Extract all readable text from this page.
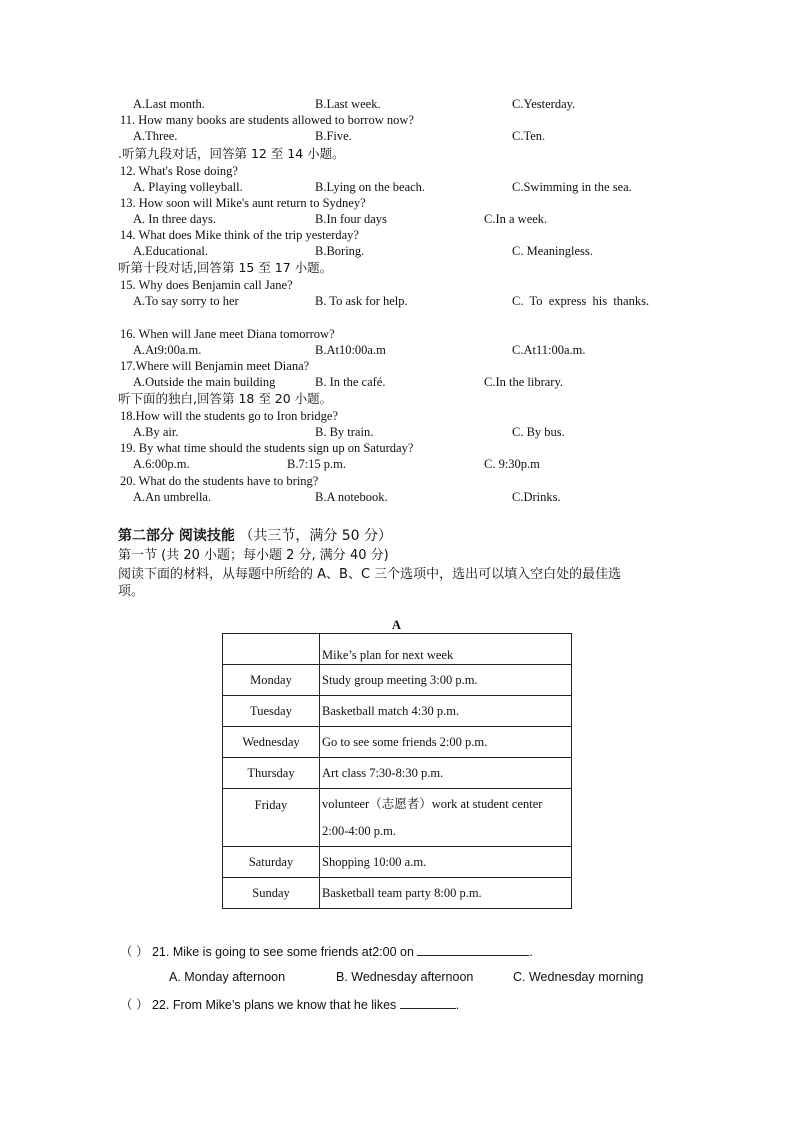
A.Last month.	B.Last week.	C.Yesterday.
11. How many books are students allowed to borrow now?
A.Three.	B.Five.	C.Ten.
.听第九段对话，回答第 12 至 14 小题。
12. What's Rose doing?
A. Playing volleyball.	B.Lying on the beach.	C.Swimming in the sea.
13. How soon will Mike's aunt return to Sydney?
A. In three days.	B.In four days	C.In a week.
14. What does Mike think of the trip yesterday?
A.Educational.	B.Boring.	C. Meaningless.
听第十段对话,回答第 15 至 17 小题。
15. Why does Benjamin call Jane?
A.To say sorry to her	B. To ask for help.	C.  To  express  his  thanks.
16. When will Jane meet Diana tomorrow?
A.At9:00a.m.	B.At10:00a.m	C.At11:00a.m.
17.Where will Benjamin meet Diana?
A.Outside the main building	B. In the café.	C.In the library.
听下面的独白,回答第 18 至 20 小题。
18.How will the students go to Iron bridge?
A.By air.	B. By train.	C. By bus.
19. By what time should the students sign up on Saturday?
A.6:00p.m.	B.7:15 p.m.	C. 9:30p.m
20. What do the students have to bring?
A.An umbrella.	B.A notebook.	C.Drinks.
第二部分 阅读技能 （共三节，满分 50 分）
第一节 (共 20 小题；每小题 2 分, 满分 40 分)
阅读下面的材料，从每题中所给的 A、B、C 三个选项中，选出可以填入空白处的最佳选
项。
A
	Mike’s plan for next week
Monday	Study group meeting 3:00 p.m.
Tuesday	Basketball match 4:30 p.m.
Wednesday	Go to see some friends 2:00 p.m.
Thursday	Art class 7:30-8:30 p.m.
Friday	volunteer（志愿者）work at student center
2:00-4:00 p.m.

Saturday	Shopping 10:00 a.m.
Sunday	Basketball team party 8:00 p.m.
（ ） 21. Mike is going to see some friends at2:00 on	.
A. Monday afternoon	B. Wednesday afternoon	C. Wednesday morning
（ ） 22. From Mike’s plans we know that he likes	.
